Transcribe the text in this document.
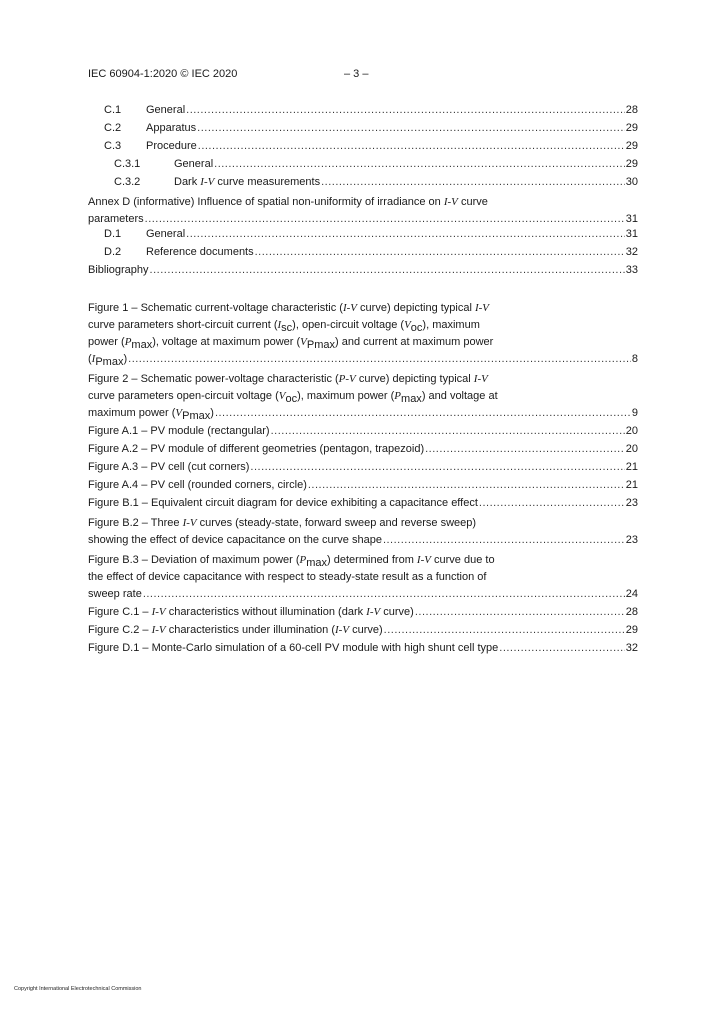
IEC 60904-1:2020 © IEC 2020	– 3 –
C.1	General .....	28
C.2	Apparatus .....	29
C.3	Procedure .....	29
C.3.1	General .....	29
C.3.2	Dark I-V curve measurements .....	30
Annex D (informative) Influence of spatial non-uniformity of irradiance on I-V curve
parameters .....	31
D.1	General .....	31
D.2	Reference documents .....	32
Bibliography .....	33
Figure 1 – Schematic current-voltage characteristic (I-V curve) depicting typical I-V
curve parameters short-circuit current $(I_{sc})$, open-circuit voltage $(V_{oc})$, maximum
power $(P_{max})$, voltage at maximum power $(V_{Pmax})$ and current at maximum power
$(I_{Pmax})$ .....	8
Figure 2 – Schematic power-voltage characteristic (P-V curve) depicting typical I-V
curve parameters open-circuit voltage $(V_{oc})$, maximum power $(P_{max})$ and voltage at
maximum power $(V_{Pmax})$ .....	9
Figure A.1 – PV module (rectangular) .....	20
Figure A.2 – PV module of different geometries (pentagon, trapezoid) .....	20
Figure A.3 – PV cell (cut corners) .....	21
Figure A.4 – PV cell (rounded corners, circle) .....	21
Figure B.1 – Equivalent circuit diagram for device exhibiting a capacitance effect .....	23
Figure B.2 – Three I-V curves (steady-state, forward sweep and reverse sweep)
showing the effect of device capacitance on the curve shape .....	23
Figure B.3 – Deviation of maximum power $(P_{max})$ determined from I-V curve due to
the effect of device capacitance with respect to steady-state result as a function of
sweep rate .....	24
Figure C.1 – I-V characteristics without illumination (dark I-V curve) .....	28
Figure C.2 – I-V characteristics under illumination (I-V curve) .....	29
Figure D.1 – Monte-Carlo simulation of a 60-cell PV module with high shunt cell type .....	32
Copyright International Electrotechnical Commission
